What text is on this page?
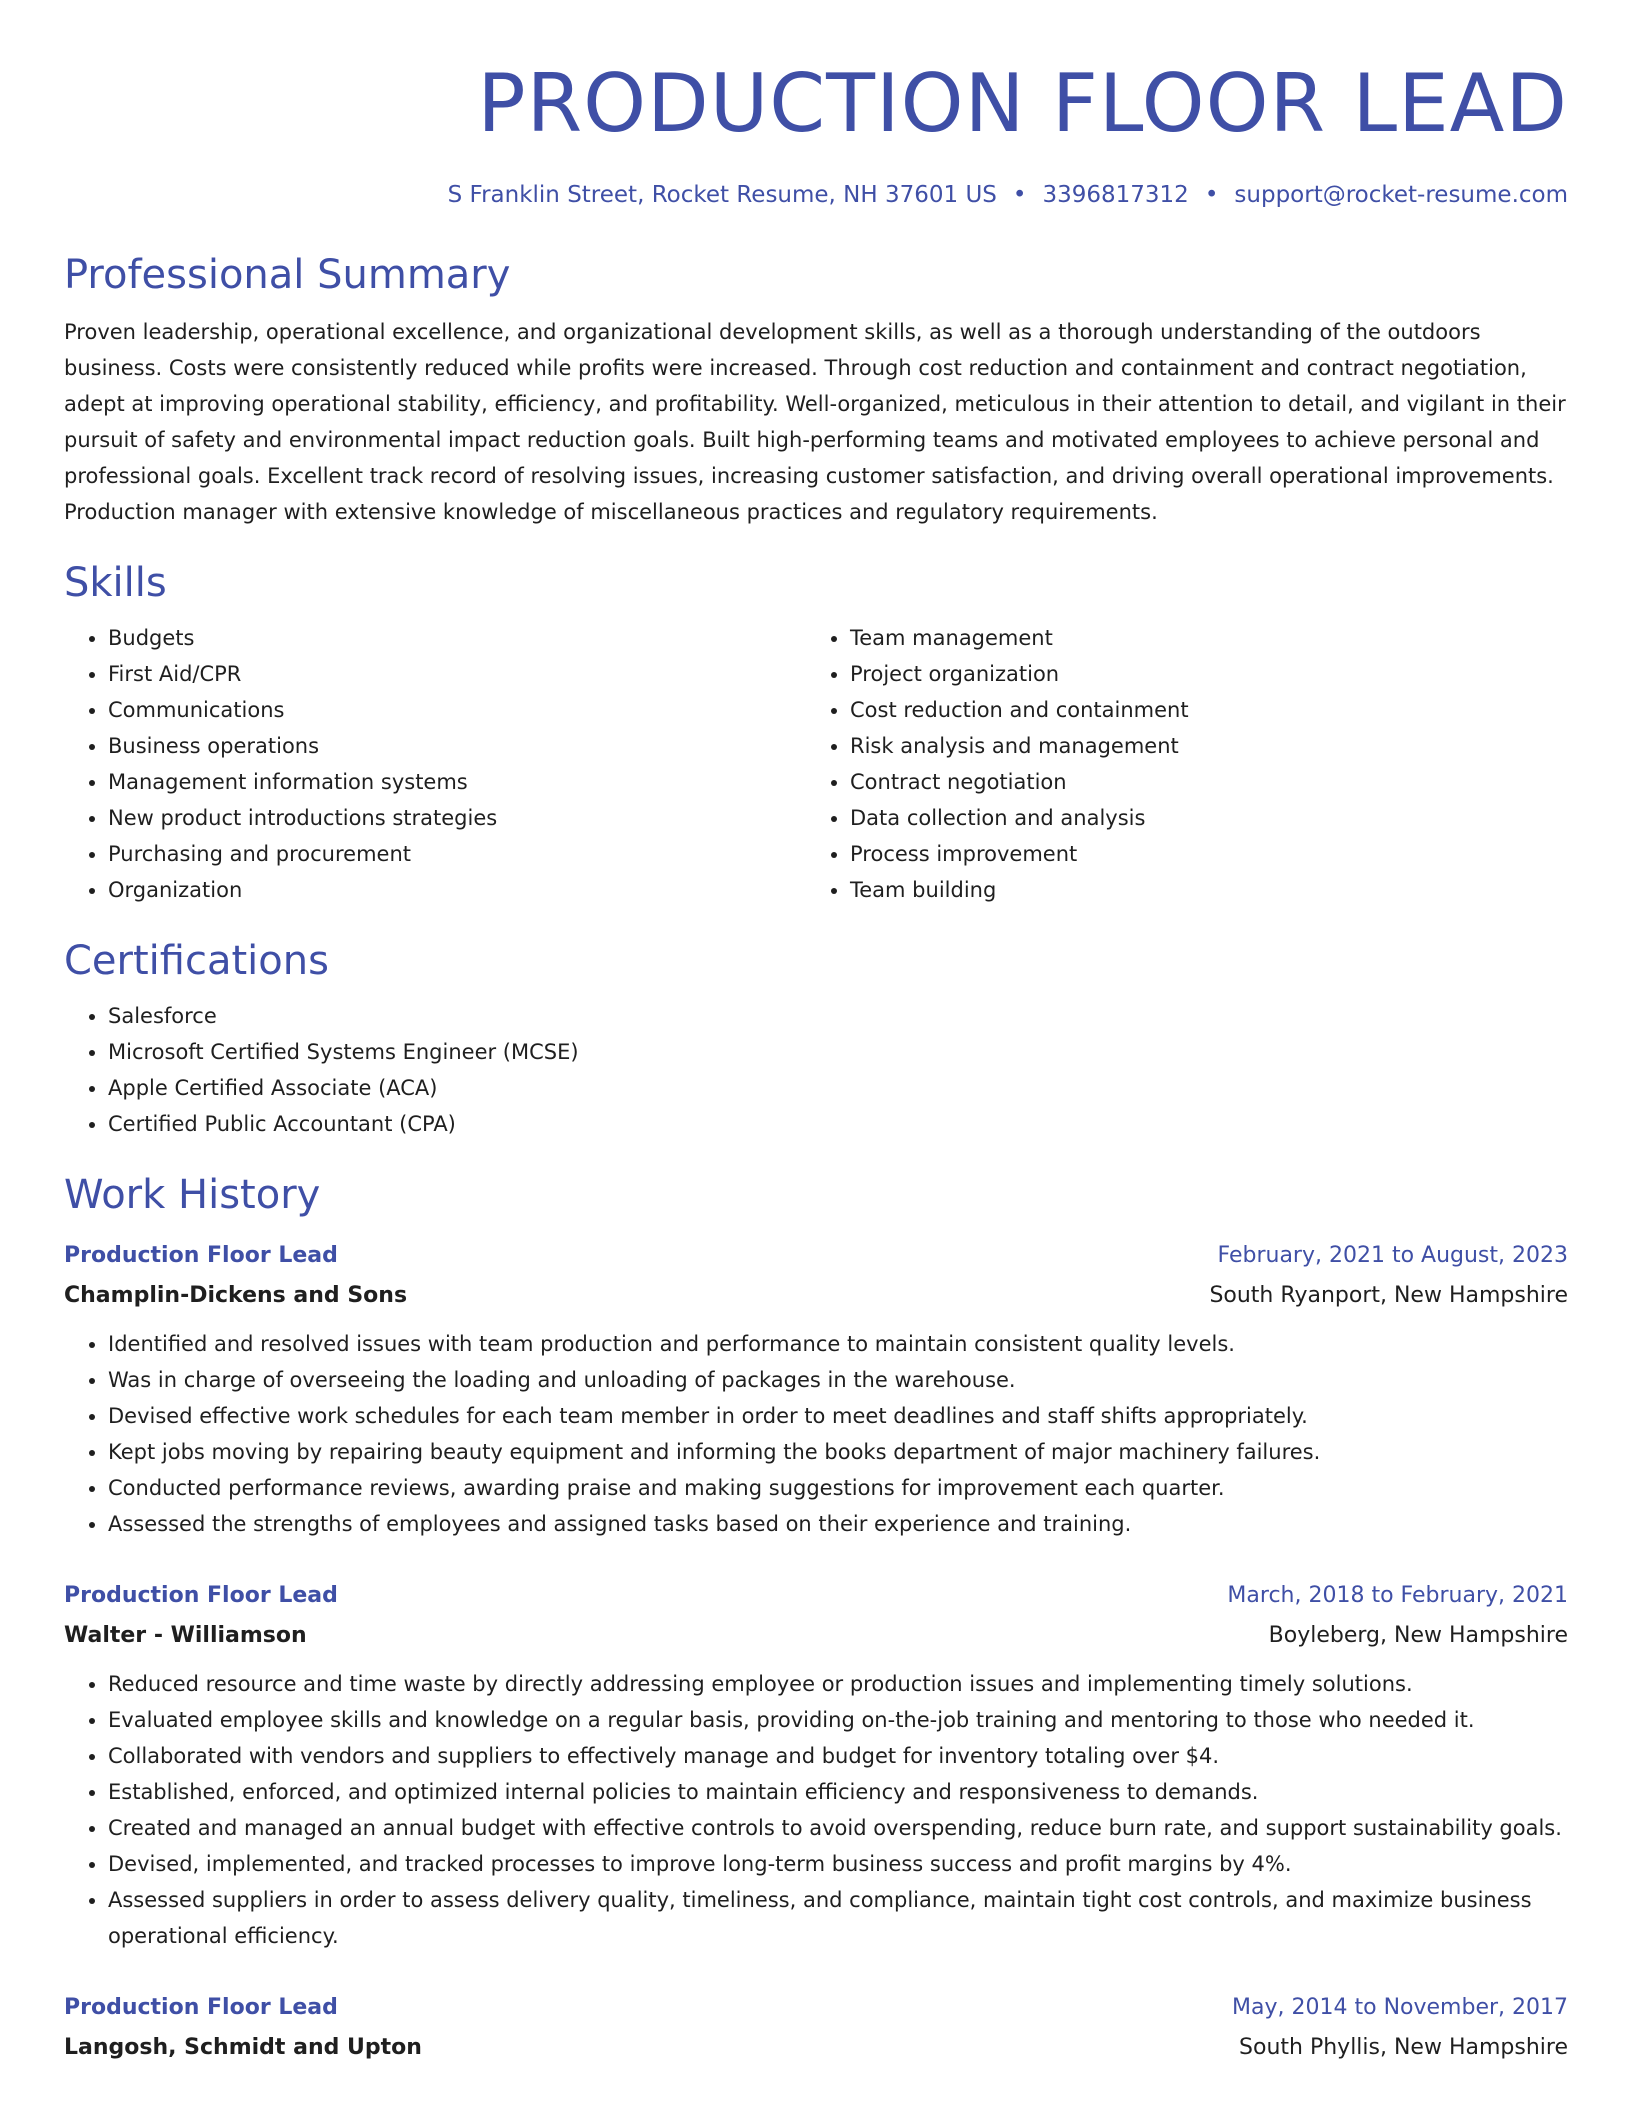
PRODUCTION FLOOR LEAD
S Franklin Street, Rocket Resume, NH 37601 US • 3396817312 • support@rocket-resume.com
Professional Summary
Proven leadership, operational excellence, and organizational development skills, as well as a thorough understanding of the outdoors business. Costs were consistently reduced while profits were increased. Through cost reduction and containment and contract negotiation, adept at improving operational stability, efficiency, and profitability. Well-organized, meticulous in their attention to detail, and vigilant in their pursuit of safety and environmental impact reduction goals. Built high-performing teams and motivated employees to achieve personal and professional goals. Excellent track record of resolving issues, increasing customer satisfaction, and driving overall operational improvements. Production manager with extensive knowledge of miscellaneous practices and regulatory requirements.
Skills
• Budgets
• First Aid/CPR
• Communications
• Business operations
• Management information systems
• New product introductions strategies
• Purchasing and procurement
• Organization
• Team management
• Project organization
• Cost reduction and containment
• Risk analysis and management
• Contract negotiation
• Data collection and analysis
• Process improvement
• Team building
Certifications
• Salesforce
• Microsoft Certified Systems Engineer (MCSE)
• Apple Certified Associate (ACA)
• Certified Public Accountant (CPA)
Work History
Production Floor Lead	February, 2021 to August, 2023
Champlin-Dickens and Sons	South Ryanport, New Hampshire
• Identified and resolved issues with team production and performance to maintain consistent quality levels.
• Was in charge of overseeing the loading and unloading of packages in the warehouse.
• Devised effective work schedules for each team member in order to meet deadlines and staff shifts appropriately.
• Kept jobs moving by repairing beauty equipment and informing the books department of major machinery failures.
• Conducted performance reviews, awarding praise and making suggestions for improvement each quarter.
• Assessed the strengths of employees and assigned tasks based on their experience and training.
Production Floor Lead	March, 2018 to February, 2021
Walter - Williamson	Boyleberg, New Hampshire
• Reduced resource and time waste by directly addressing employee or production issues and implementing timely solutions.
• Evaluated employee skills and knowledge on a regular basis, providing on-the-job training and mentoring to those who needed it.
• Collaborated with vendors and suppliers to effectively manage and budget for inventory totaling over $4.
• Established, enforced, and optimized internal policies to maintain efficiency and responsiveness to demands.
• Created and managed an annual budget with effective controls to avoid overspending, reduce burn rate, and support sustainability goals.
• Devised, implemented, and tracked processes to improve long-term business success and profit margins by 4%.
• Assessed suppliers in order to assess delivery quality, timeliness, and compliance, maintain tight cost controls, and maximize business operational efficiency.
Production Floor Lead	May, 2014 to November, 2017
Langosh, Schmidt and Upton	South Phyllis, New Hampshire
